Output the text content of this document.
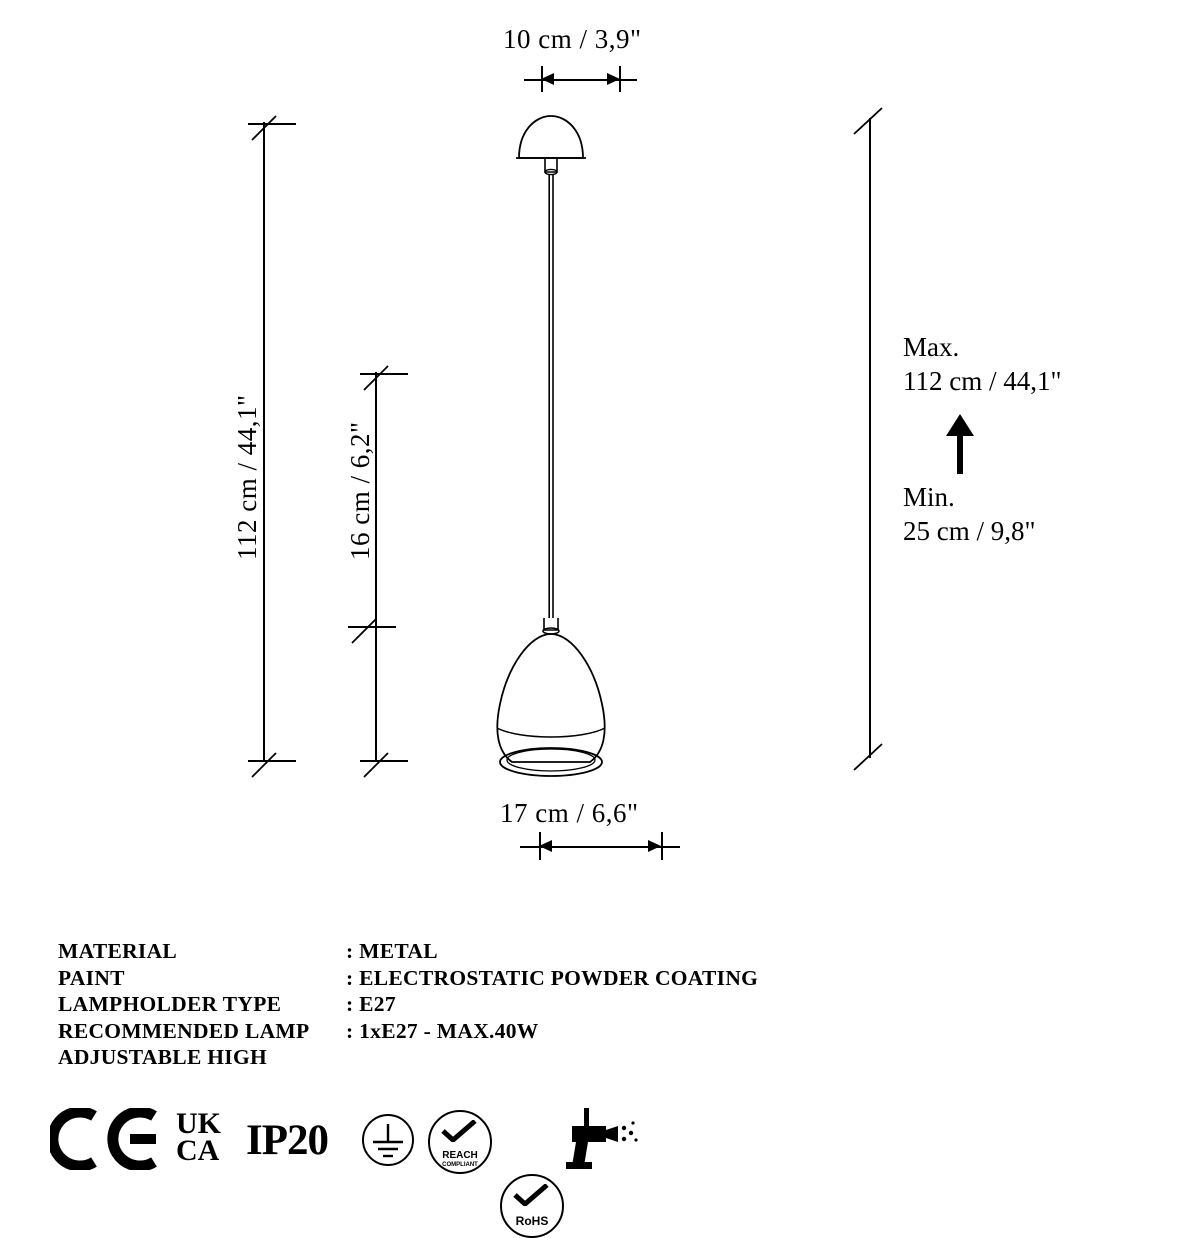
10 cm / 3,9"
17 cm / 6,6"
112 cm / 44,1"	16 cm / 6,2"
Max.
112 cm / 44,1"
Min.
25 cm / 9,8"
MATERIAL	: METAL
PAINT	: ELECTROSTATIC POWDER COATING
LAMPHOLDER TYPE	: E27
RECOMMENDED LAMP	: 1xE27 - MAX.40W
ADJUSTABLE HIGH
UK
CA IP20	REACH
COMPLIANT
RoHS
